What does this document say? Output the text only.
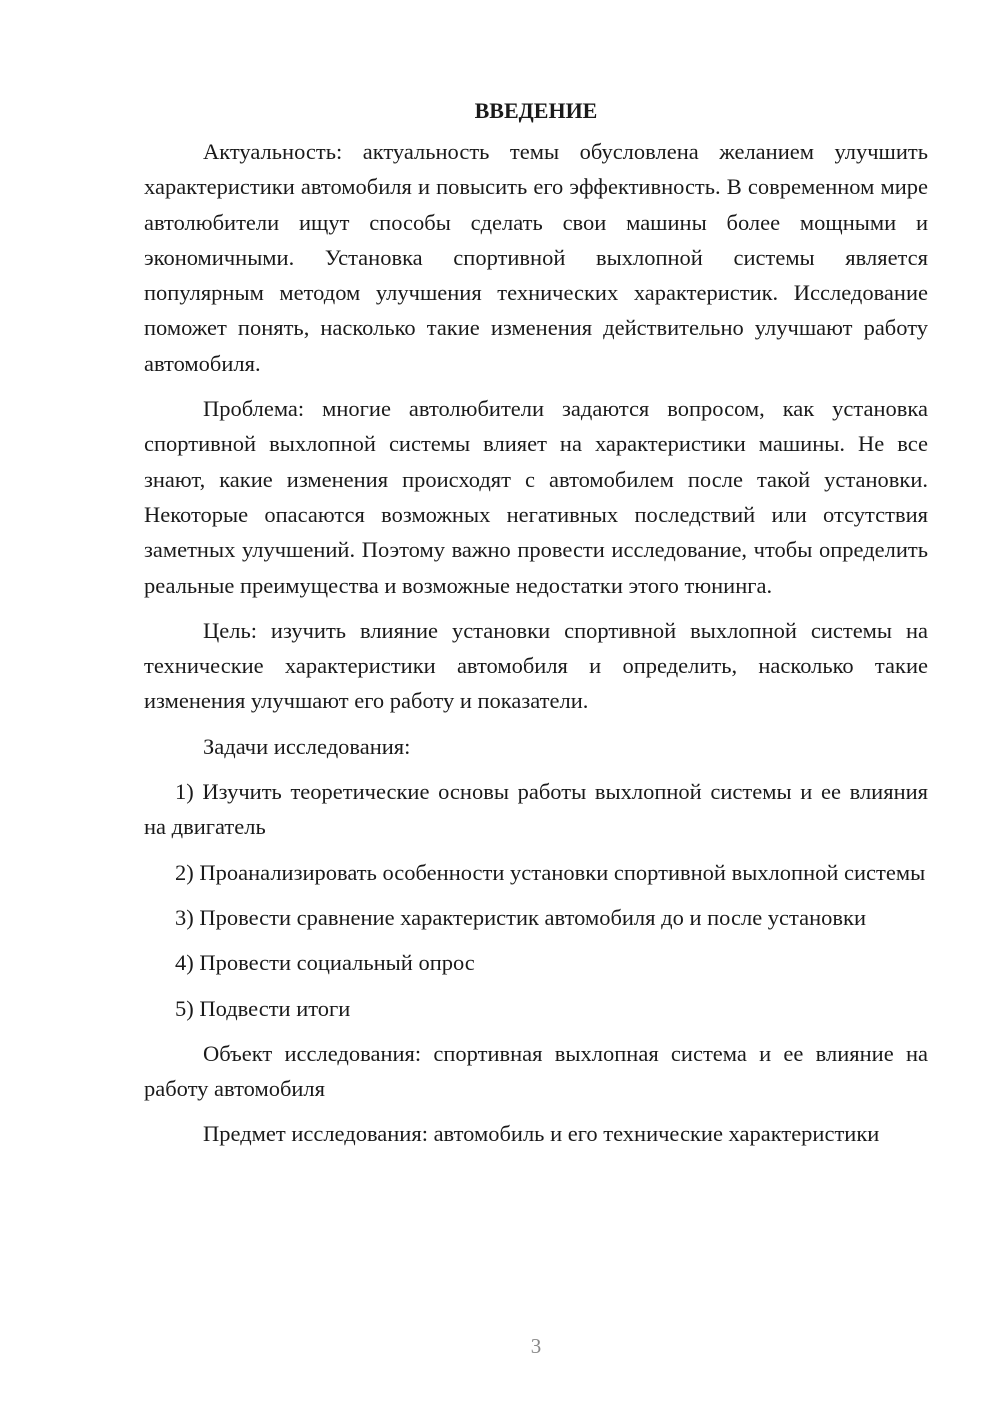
ВВЕДЕНИЕ

Актуальность: актуальность темы обусловлена желанием улучшить характеристики автомобиля и повысить его эффективность. В современном мире автолюбители ищут способы сделать свои машины более мощными и экономичными. Установка спортивной выхлопной системы является популярным методом улучшения технических характеристик. Исследование поможет понять, насколько такие изменения действительно улучшают работу автомобиля.

Проблема: многие автолюбители задаются вопросом, как установка спортивной выхлопной системы влияет на характеристики машины. Не все знают, какие изменения происходят с автомобилем после такой установки. Некоторые опасаются возможных негативных последствий или отсутствия заметных улучшений. Поэтому важно провести исследование, чтобы определить реальные преимущества и возможные недостатки этого тюнинга.

Цель: изучить влияние установки спортивной выхлопной системы на технические характеристики автомобиля и определить, насколько такие изменения улучшают его работу и показатели.

Задачи исследования:

1) Изучить теоретические основы работы выхлопной системы и ее влияния на двигатель

2) Проанализировать особенности установки спортивной выхлопной системы

3) Провести сравнение характеристик автомобиля до и после установки

4) Провести социальный опрос

5) Подвести итоги

Объект исследования: спортивная выхлопная система и ее влияние на работу автомобиля

Предмет исследования: автомобиль и его технические характеристики

3
